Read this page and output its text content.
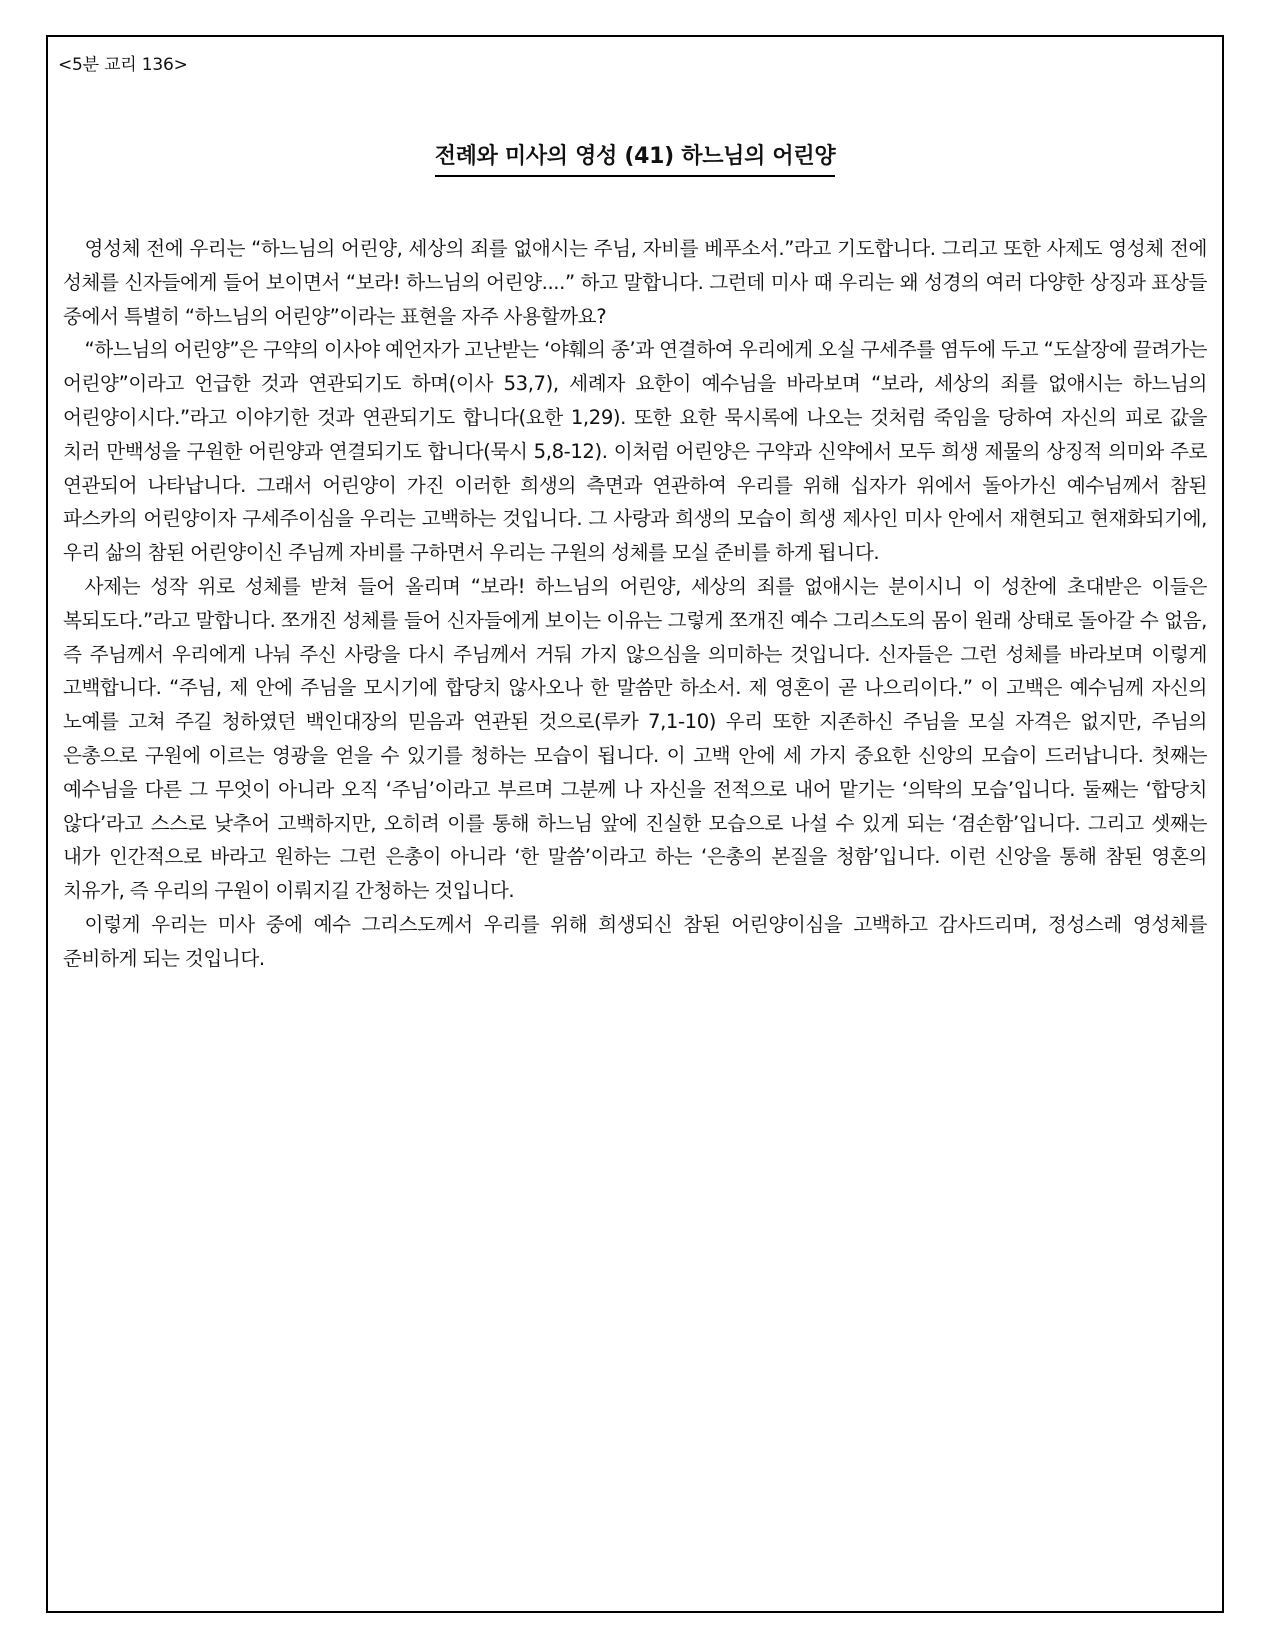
<5분 교리 136>
전례와 미사의 영성 (41) 하느님의 어린양

영성체 전에 우리는 “하느님의 어린양, 세상의 죄를 없애시는 주님, 자비를 베푸소서.”라고 기도합니다. 그리고 또한 사제도 영성체 전에 성체를 신자들에게 들어 보이면서 “보라! 하느님의 어린양....” 하고 말합니다. 그런데 미사 때 우리는 왜 성경의 여러 다양한 상징과 표상들 중에서 특별히 “하느님의 어린양”이라는 표현을 자주 사용할까요?

“하느님의 어린양”은 구약의 이사야 예언자가 고난받는 ‘야훼의 종’과 연결하여 우리에게 오실 구세주를 염두에 두고 “도살장에 끌려가는 어린양”이라고 언급한 것과 연관되기도 하며(이사 53,7), 세례자 요한이 예수님을 바라보며 “보라, 세상의 죄를 없애시는 하느님의 어린양이시다.”라고 이야기한 것과 연관되기도 합니다(요한 1,29). 또한 요한 묵시록에 나오는 것처럼 죽임을 당하여 자신의 피로 값을 치러 만백성을 구원한 어린양과 연결되기도 합니다(묵시 5,8-12). 이처럼 어린양은 구약과 신약에서 모두 희생 제물의 상징적 의미와 주로 연관되어 나타납니다. 그래서 어린양이 가진 이러한 희생의 측면과 연관하여 우리를 위해 십자가 위에서 돌아가신 예수님께서 참된 파스카의 어린양이자 구세주이심을 우리는 고백하는 것입니다. 그 사랑과 희생의 모습이 희생 제사인 미사 안에서 재현되고 현재화되기에, 우리 삶의 참된 어린양이신 주님께 자비를 구하면서 우리는 구원의 성체를 모실 준비를 하게 됩니다.

사제는 성작 위로 성체를 받쳐 들어 올리며 “보라! 하느님의 어린양, 세상의 죄를 없애시는 분이시니 이 성찬에 초대받은 이들은 복되도다.”라고 말합니다. 쪼개진 성체를 들어 신자들에게 보이는 이유는 그렇게 쪼개진 예수 그리스도의 몸이 원래 상태로 돌아갈 수 없음, 즉 주님께서 우리에게 나눠 주신 사랑을 다시 주님께서 거둬 가지 않으심을 의미하는 것입니다. 신자들은 그런 성체를 바라보며 이렇게 고백합니다. “주님, 제 안에 주님을 모시기에 합당치 않사오나 한 말씀만 하소서. 제 영혼이 곧 나으리이다.” 이 고백은 예수님께 자신의 노예를 고쳐 주길 청하였던 백인대장의 믿음과 연관된 것으로(루카 7,1-10) 우리 또한 지존하신 주님을 모실 자격은 없지만, 주님의 은총으로 구원에 이르는 영광을 얻을 수 있기를 청하는 모습이 됩니다. 이 고백 안에 세 가지 중요한 신앙의 모습이 드러납니다. 첫째는 예수님을 다른 그 무엇이 아니라 오직 ‘주님’이라고 부르며 그분께 나 자신을 전적으로 내어 맡기는 ‘의탁의 모습’입니다. 둘째는 ‘합당치 않다’라고 스스로 낮추어 고백하지만, 오히려 이를 통해 하느님 앞에 진실한 모습으로 나설 수 있게 되는 ‘겸손함’입니다. 그리고 셋째는 내가 인간적으로 바라고 원하는 그런 은총이 아니라 ‘한 말씀’이라고 하는 ‘은총의 본질을 청함’입니다. 이런 신앙을 통해 참된 영혼의 치유가, 즉 우리의 구원이 이뤄지길 간청하는 것입니다.

이렇게 우리는 미사 중에 예수 그리스도께서 우리를 위해 희생되신 참된 어린양이심을 고백하고 감사드리며, 정성스레 영성체를 준비하게 되는 것입니다.
